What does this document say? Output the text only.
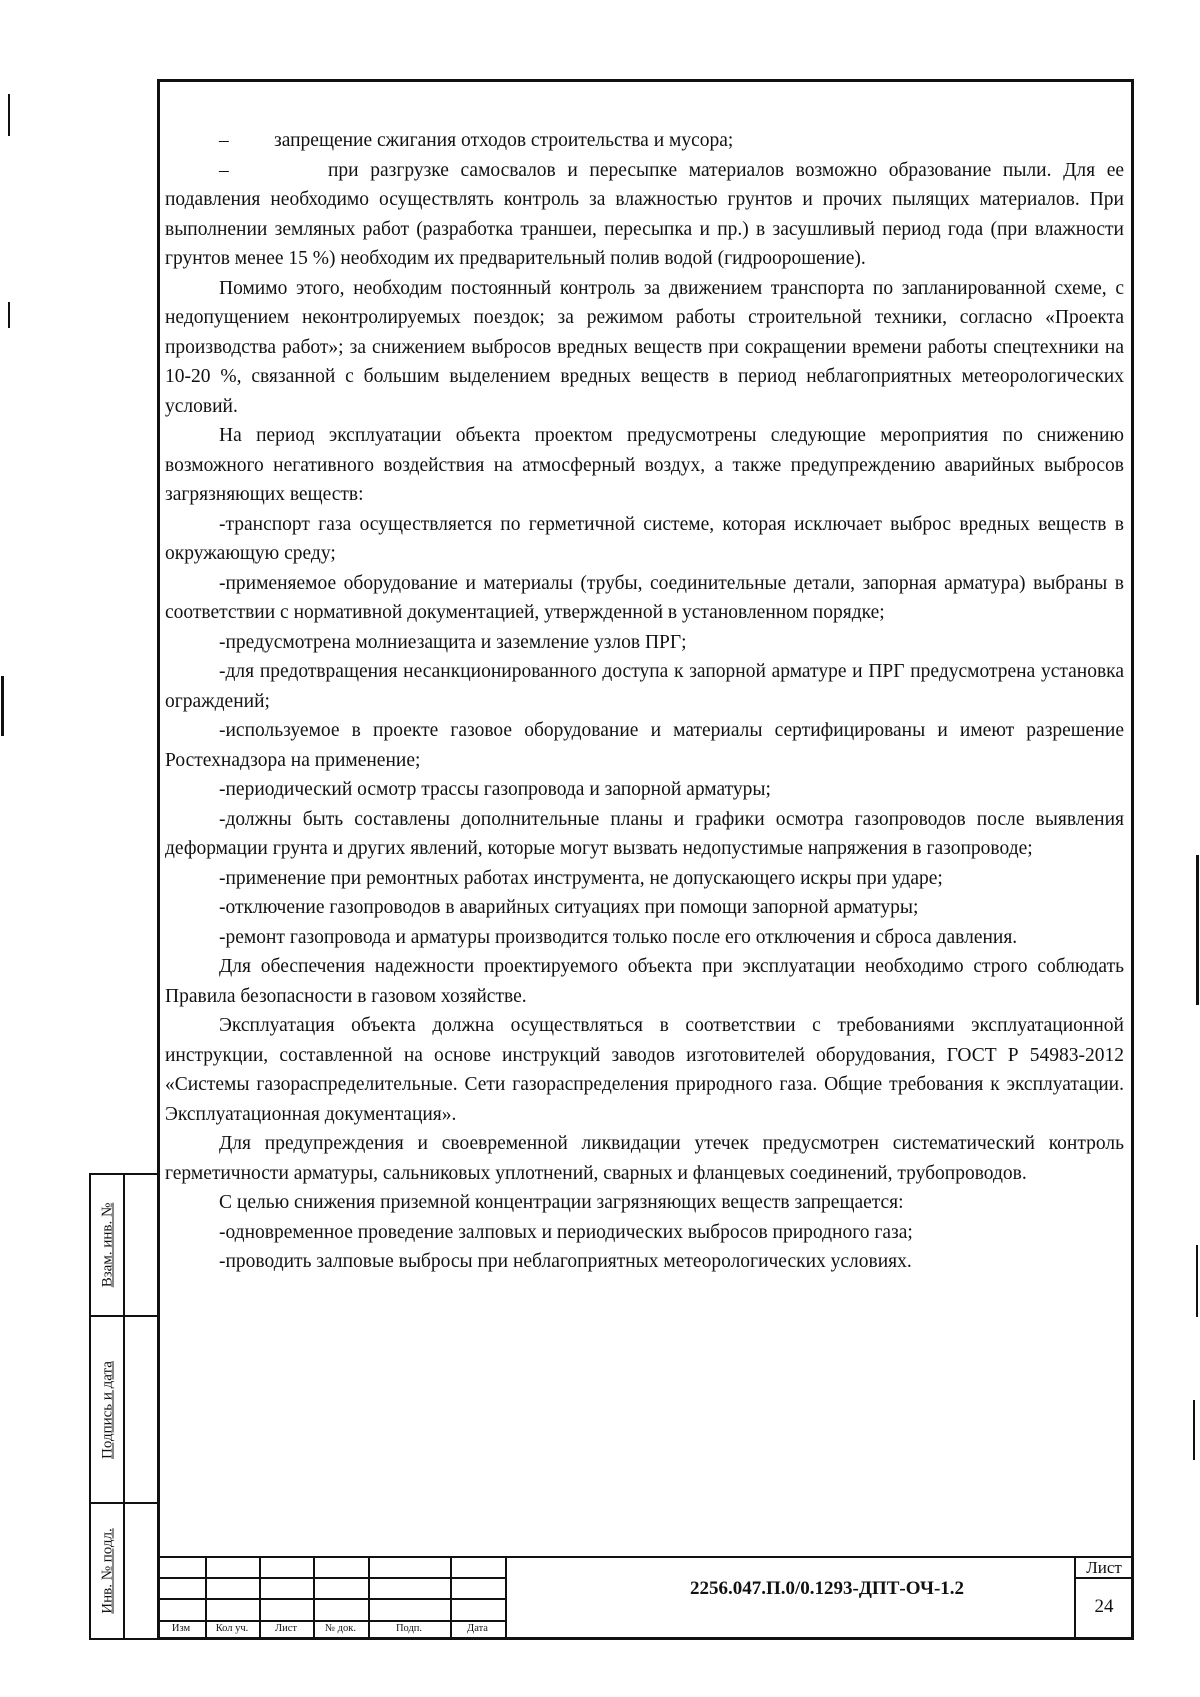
–	запрещение сжигания отходов строительства и мусора;

–	при разгрузке самосвалов и пересыпке материалов возможно образование пыли. Для ее подавления необходимо осуществлять контроль за влажностью грунтов и прочих пылящих материалов. При выполнении земляных работ (разработка траншеи, пересыпка и пр.) в засушливый период года (при влажности грунтов менее 15 %) необходим их предварительный полив водой (гидроорошение).

Помимо этого, необходим постоянный контроль за движением транспорта по запланированной схеме, с недопущением неконтролируемых поездок; за режимом работы строительной техники, согласно «Проекта производства работ»; за снижением выбросов вредных веществ при сокращении времени работы спецтехники на 10-20 %, связанной с большим выделением вредных веществ в период неблагоприятных метеорологических условий.

На период эксплуатации объекта проектом предусмотрены следующие мероприятия по снижению возможного негативного воздействия на атмосферный воздух, а также предупреждению аварийных выбросов загрязняющих веществ:

-транспорт газа осуществляется по герметичной системе, которая исключает выброс вредных веществ в окружающую среду;

-применяемое оборудование и материалы (трубы, соединительные детали, запорная арматура) выбраны в соответствии с нормативной документацией, утвержденной в установленном порядке;

-предусмотрена молниезащита и заземление узлов ПРГ;

-для предотвращения несанкционированного доступа к запорной арматуре и ПРГ предусмотрена установка ограждений;

-используемое в проекте газовое оборудование и материалы сертифицированы и имеют разрешение Ростехнадзора на применение;

-периодический осмотр трассы газопровода и запорной арматуры;

-должны быть составлены дополнительные планы и графики осмотра газопроводов после выявления деформации грунта и других явлений, которые могут вызвать недопустимые напряжения в газопроводе;

-применение при ремонтных работах инструмента, не допускающего искры при ударе;

-отключение газопроводов в аварийных ситуациях при помощи запорной арматуры;

-ремонт газопровода и арматуры производится только после его отключения и сброса давления.

Для обеспечения надежности проектируемого объекта при эксплуатации необходимо строго соблюдать Правила безопасности в газовом хозяйстве.

Эксплуатация объекта должна осуществляться в соответствии с требованиями эксплуатационной инструкции, составленной на основе инструкций заводов изготовителей оборудования, ГОСТ Р 54983-2012 «Системы газораспределительные. Сети газораспределения природного газа. Общие требования к эксплуатации. Эксплуатационная документация».

Для предупреждения и своевременной ликвидации утечек предусмотрен систематический контроль герметичности арматуры, сальниковых уплотнений, сварных и фланцевых соединений, трубопроводов.

С целью снижения приземной концентрации загрязняющих веществ запрещается:

-одновременное проведение залповых и периодических выбросов природного газа;

-проводить залповые выбросы при неблагоприятных метеорологических условиях.

Взам. инв. №
Подпись и дата
Инв. № подл.
Изм	Кол уч.	Лист	№ док.	Подп.	Дата
2256.047.П.0/0.1293-ДПТ-ОЧ-1.2
Лист
24
